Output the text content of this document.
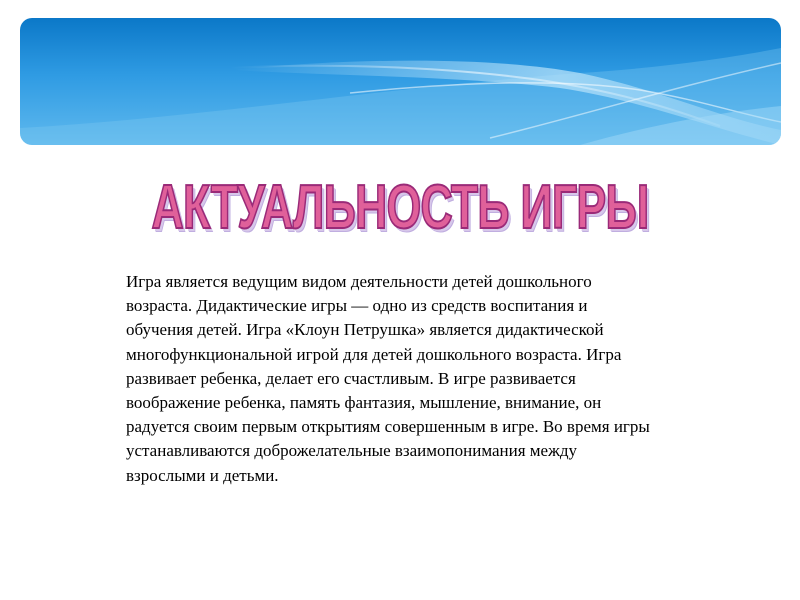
АКТУАЛЬНОСТЬ ИГРЫ

Игра является ведущим видом деятельности детей дошкольного возраста. Дидактические игры — одно из средств воспитания и обучения детей. Игра «Клоун Петрушка» является дидактической многофункциональной игрой для детей дошкольного возраста. Игра развивает ребенка, делает его счастливым. В игре развивается воображение ребенка, память фантазия, мышление, внимание, он радуется своим первым открытиям совершенным в игре. Во время игры устанавливаются доброжелательные взаимопонимания между взрослыми и детьми.
